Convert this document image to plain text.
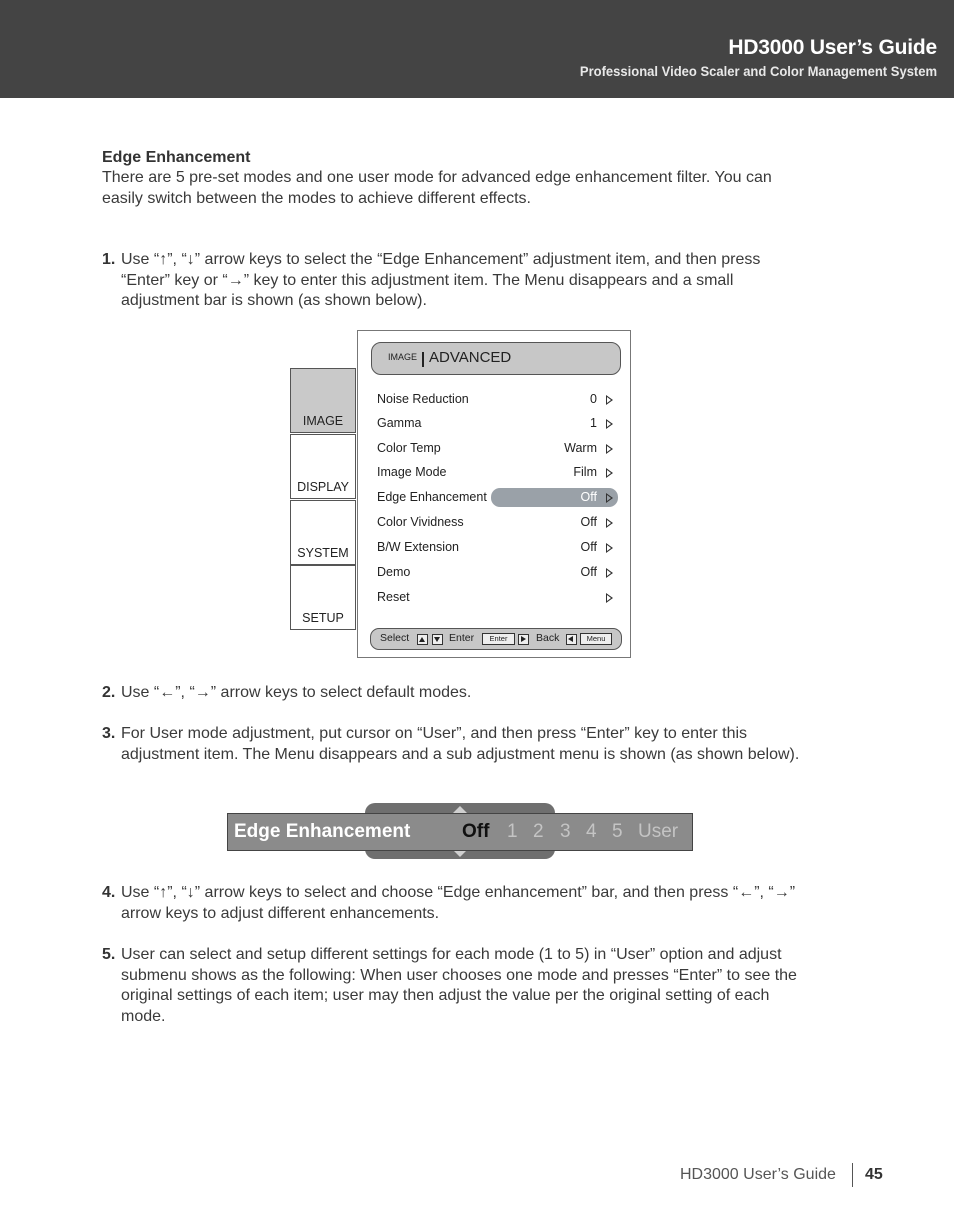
HD3000 User’s Guide
Professional Video Scaler and Color Management System
Edge Enhancement
There are 5 pre-set modes and one user mode for advanced edge enhancement filter. You can easily switch between the modes to achieve different effects.
1. Use “↑”, “↓” arrow keys to select the “Edge Enhancement” adjustment item, and then press “Enter” key or “→” key to enter this adjustment item. The Menu disappears and a small adjustment bar is shown (as shown below).
IMAGE
DISPLAY
SYSTEM
SETUP
IMAGE ADVANCED
Noise Reduction	0
Gamma	1
Color Temp	Warm
Image Mode	Film
Edge Enhancement	Off
Color Vividness	Off
B/W Extension	Off
Demo	Off
Reset
Select	Enter	Enter	Back	Menu
2. Use “←”, “→” arrow keys to select default modes.
3. For User mode adjustment, put cursor on “User”, and then press “Enter” key to enter this adjustment item. The Menu disappears and a sub adjustment menu is shown (as shown below).
Edge Enhancement	Off 1 2 3 4 5 User
4. Use “↑”, “↓” arrow keys to select and choose “Edge enhancement” bar, and then press “←”, “→” arrow keys to adjust different enhancements.
5. User can select and setup different settings for each mode (1 to 5) in “User” option and adjust submenu shows as the following: When user chooses one mode and presses “Enter” to see the original settings of each item; user may then adjust the value per the original setting of each mode.
HD3000 User’s Guide 45
